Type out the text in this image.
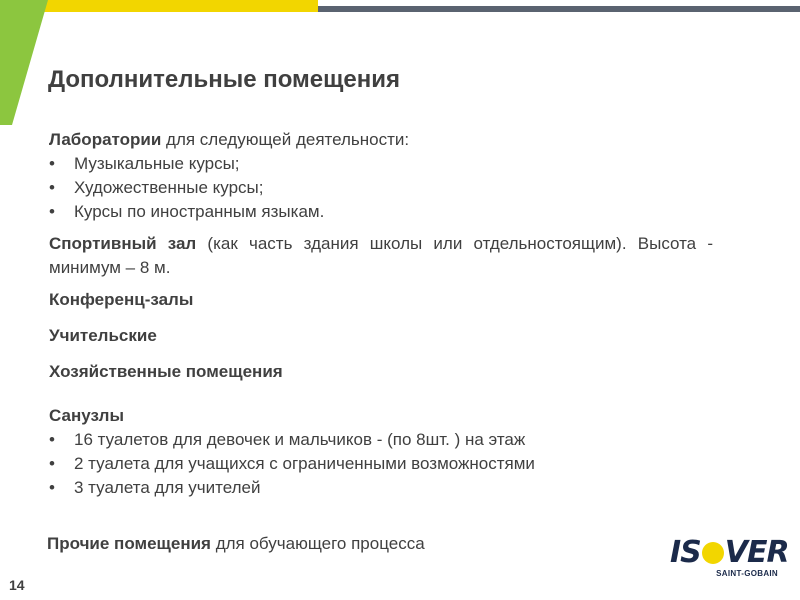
Дополнительные помещения

Лаборатории для следующей деятельности:

• Музыкальные курсы;
• Художественные курсы;
• Курсы по иностранным языкам.

Спортивный зал (как часть здания школы или отдельностоящим). Высота - минимум – 8 м.

Конференц-залы

Учительские

Хозяйственные помещения

Санузлы

• 16 туалетов для девочек и мальчиков - (по 8шт. ) на этаж
• 2 туалета для учащихся с ограниченными возможностями
• 3 туалета для учителей

Прочие помещения для обучающего процесса

14
IS VER
SAINT-GOBAIN
